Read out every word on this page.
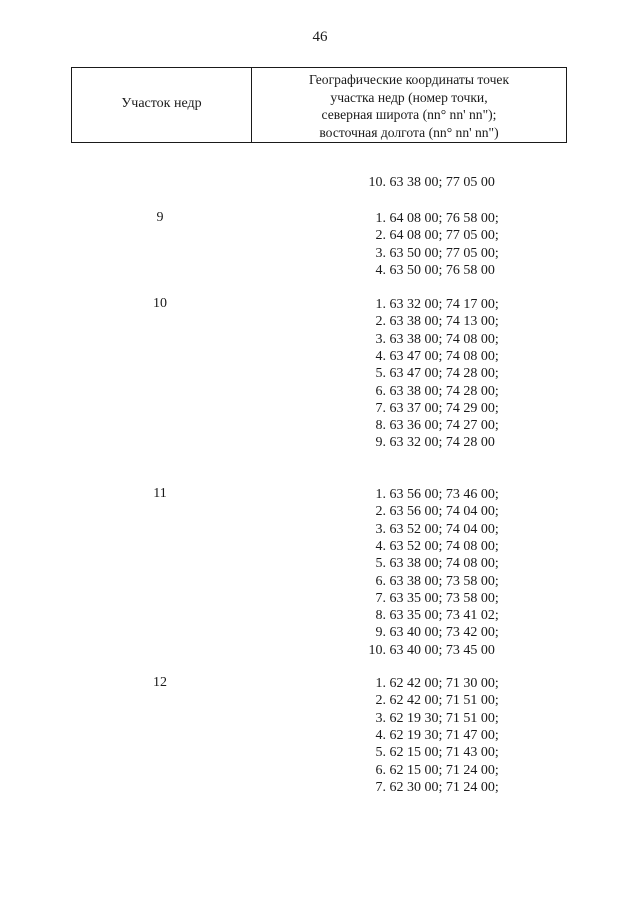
46
Участок недр
Географические координаты точек
участка недр (номер точки,
северная широта (nn° nn' nn");
восточная долгота (nn° nn' nn")
10. 63 38 00; 77 05 00
9	1. 64 08 00; 76 58 00;
2. 64 08 00; 77 05 00;
3. 63 50 00; 77 05 00;
4. 63 50 00; 76 58 00
10	1. 63 32 00; 74 17 00;
2. 63 38 00; 74 13 00;
3. 63 38 00; 74 08 00;
4. 63 47 00; 74 08 00;
5. 63 47 00; 74 28 00;
6. 63 38 00; 74 28 00;
7. 63 37 00; 74 29 00;
8. 63 36 00; 74 27 00;
9. 63 32 00; 74 28 00
11	1. 63 56 00; 73 46 00;
2. 63 56 00; 74 04 00;
3. 63 52 00; 74 04 00;
4. 63 52 00; 74 08 00;
5. 63 38 00; 74 08 00;
6. 63 38 00; 73 58 00;
7. 63 35 00; 73 58 00;
8. 63 35 00; 73 41 02;
9. 63 40 00; 73 42 00;
10. 63 40 00; 73 45 00
12	1. 62 42 00; 71 30 00;
2. 62 42 00; 71 51 00;
3. 62 19 30; 71 51 00;
4. 62 19 30; 71 47 00;
5. 62 15 00; 71 43 00;
6. 62 15 00; 71 24 00;
7. 62 30 00; 71 24 00;
